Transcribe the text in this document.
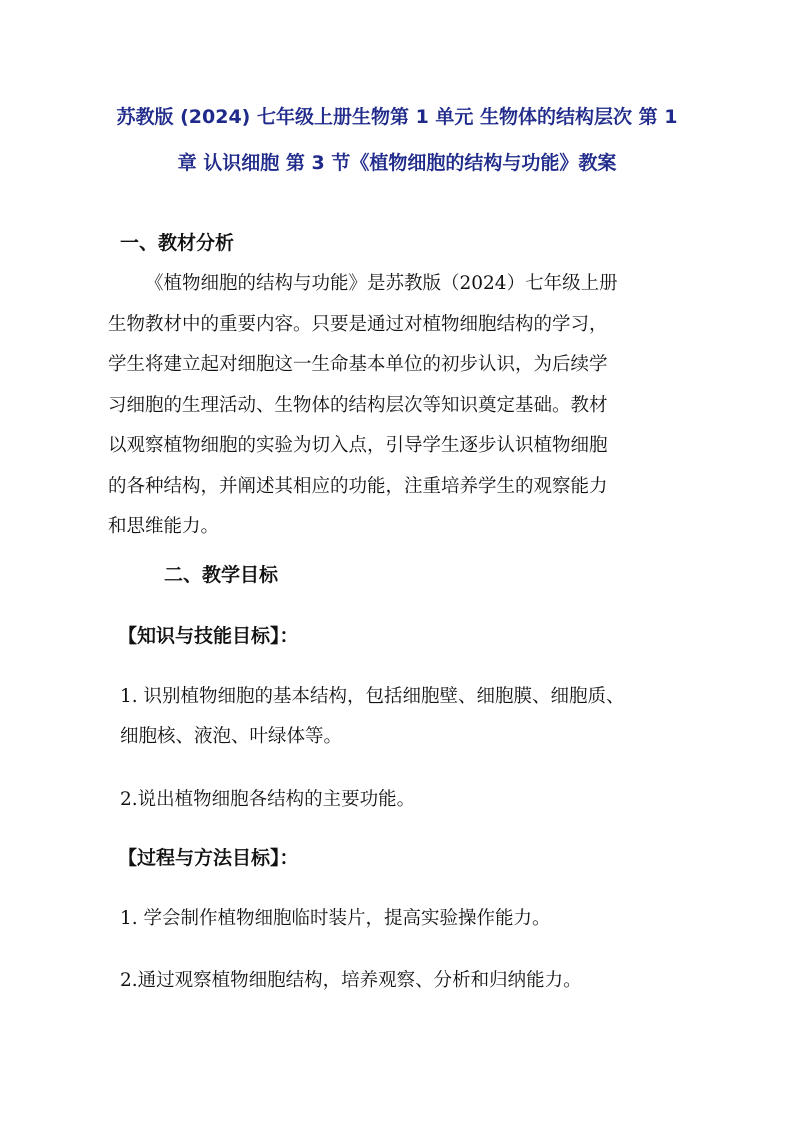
苏教版 (2024) 七年级上册生物第 1 单元 生物体的结构层次 第 1
章 认识细胞 第 3 节《植物细胞的结构与功能》教案
一、教材分析
《植物细胞的结构与功能》是苏教版（2024）七年级上册
生物教材中的重要内容。只要是通过对植物细胞结构的学习，
学生将建立起对细胞这一生命基本单位的初步认识，为后续学
习细胞的生理活动、生物体的结构层次等知识奠定基础。教材
以观察植物细胞的实验为切入点，引导学生逐步认识植物细胞
的各种结构，并阐述其相应的功能，注重培养学生的观察能力
和思维能力。
二、教学目标
【知识与技能目标】：
1. 识别植物细胞的基本结构，包括细胞壁、细胞膜、细胞质、
细胞核、液泡、叶绿体等。
2.说出植物细胞各结构的主要功能。
【过程与方法目标】：
1. 学会制作植物细胞临时装片，提高实验操作能力。
2.通过观察植物细胞结构，培养观察、分析和归纳能力。
